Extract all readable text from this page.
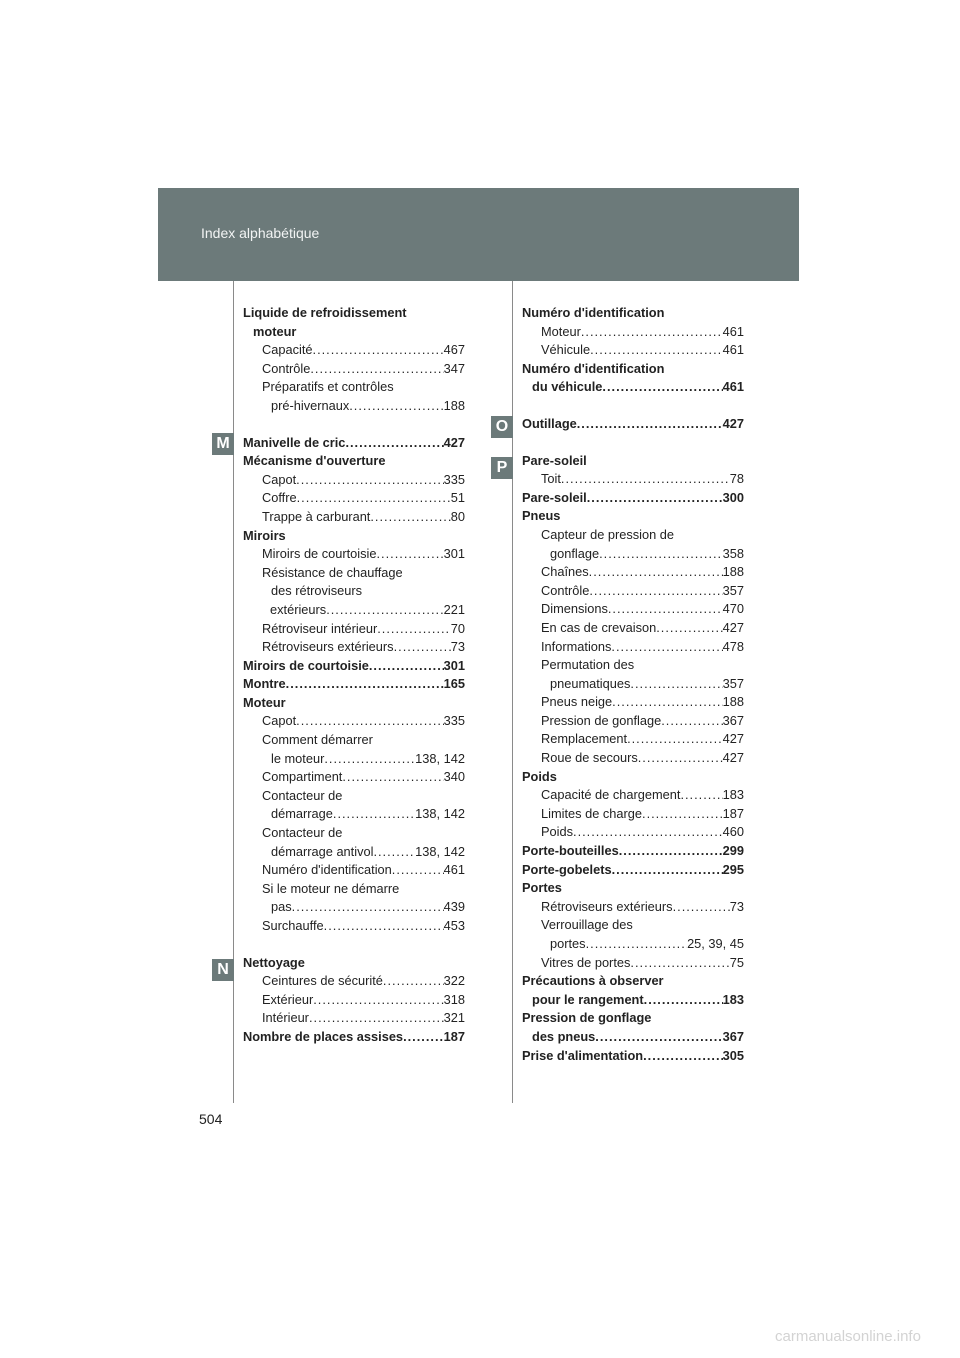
Index alphabétique
M
N
O
P
Liquide de refroidissement
moteur
Capacité .....	467
Contrôle .....	347
Préparatifs et contrôles
pré-hivernaux .....	188
Manivelle de cric .....	427
Mécanisme d'ouverture
Capot .....	335
Coffre .....	51
Trappe à carburant .....	80
Miroirs
Miroirs de courtoisie .....	301
Résistance de chauffage
des rétroviseurs
extérieurs .....	221
Rétroviseur intérieur .....	70
Rétroviseurs extérieurs .....	73
Miroirs de courtoisie .....	301
Montre .....	165
Moteur
Capot .....	335
Comment démarrer
le moteur .....	138, 142
Compartiment .....	340
Contacteur de
démarrage .....	138, 142
Contacteur de
démarrage antivol .....	138, 142
Numéro d'identification .....	461
Si le moteur ne démarre
pas .....	439
Surchauffe .....	453
Nettoyage
Ceintures de sécurité .....	322
Extérieur .....	318
Intérieur .....	321
Nombre de places assises .....	187
Numéro d'identification
Moteur .....	461
Véhicule .....	461
Numéro d'identification
du véhicule .....	461
Outillage .....	427
Pare-soleil
Toit .....	78
Pare-soleil .....	300
Pneus
Capteur de pression de
gonflage .....	358
Chaînes .....	188
Contrôle .....	357
Dimensions .....	470
En cas de crevaison .....	427
Informations .....	478
Permutation des
pneumatiques .....	357
Pneus neige .....	188
Pression de gonflage .....	367
Remplacement .....	427
Roue de secours .....	427
Poids
Capacité de chargement .....	183
Limites de charge .....	187
Poids .....	460
Porte-bouteilles .....	299
Porte-gobelets .....	295
Portes
Rétroviseurs extérieurs .....	73
Verrouillage des
portes .....	25, 39, 45
Vitres de portes .....	75
Précautions à observer
pour le rangement .....	183
Pression de gonflage
des pneus .....	367
Prise d'alimentation .....	305
504
carmanualsonline.info
